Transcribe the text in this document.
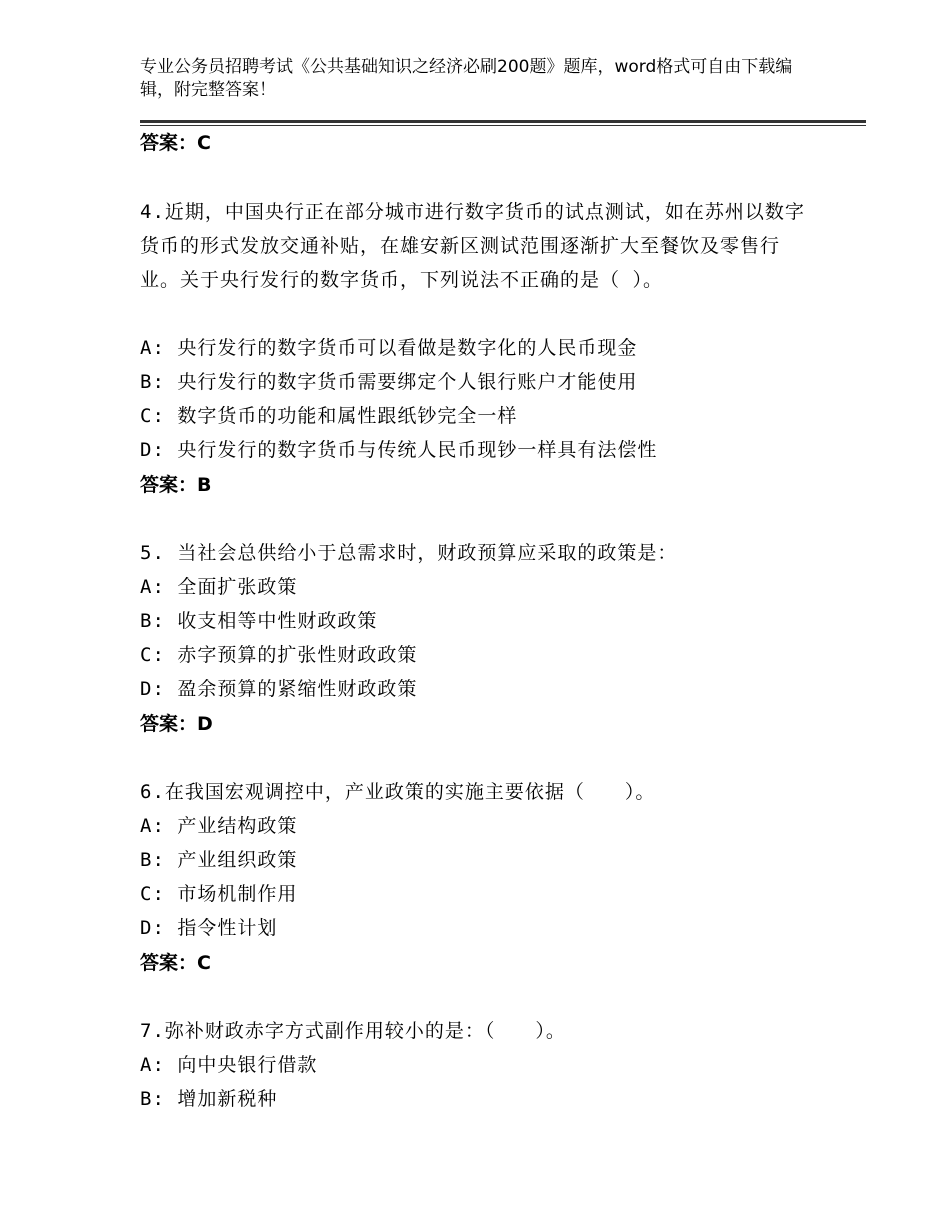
专业公务员招聘考试《公共基础知识之经济必刷200题》题库，word格式可自由下载编辑，附完整答案！
答案：C
4.近期，中国央行正在部分城市进行数字货币的试点测试，如在苏州以数字货币的形式发放交通补贴，在雄安新区测试范围逐渐扩大至餐饮及零售行业。关于央行发行的数字货币，下列说法不正确的是（ ）。
A: 央行发行的数字货币可以看做是数字化的人民币现金
B: 央行发行的数字货币需要绑定个人银行账户才能使用
C: 数字货币的功能和属性跟纸钞完全一样
D: 央行发行的数字货币与传统人民币现钞一样具有法偿性
答案：B
5. 当社会总供给小于总需求时，财政预算应采取的政策是：
A: 全面扩张政策
B: 收支相等中性财政政策
C: 赤字预算的扩张性财政政策
D: 盈余预算的紧缩性财政政策
答案：D
6.在我国宏观调控中，产业政策的实施主要依据（　　）。
A: 产业结构政策
B: 产业组织政策
C: 市场机制作用
D: 指令性计划
答案：C
7.弥补财政赤字方式副作用较小的是：（　　）。
A: 向中央银行借款
B: 增加新税种
